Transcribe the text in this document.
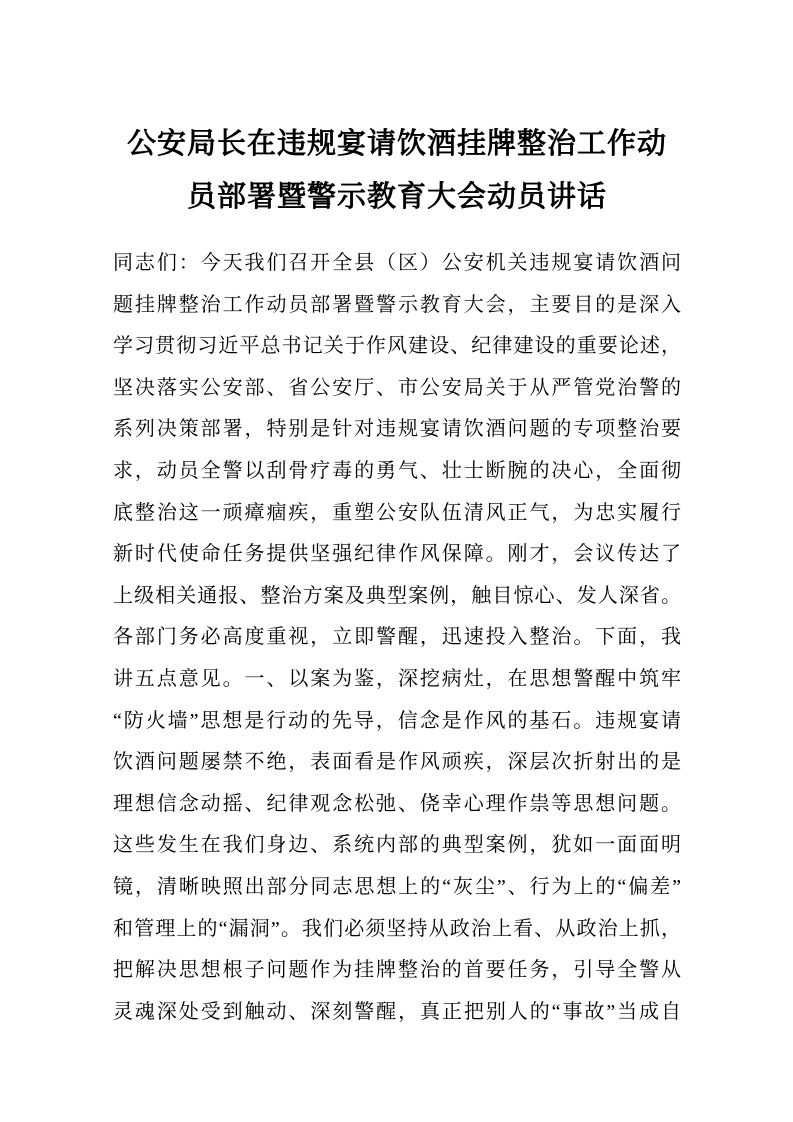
公安局长在违规宴请饮酒挂牌整治工作动
员部署暨警示教育大会动员讲话
同志们：今天我们召开全县（区）公安机关违规宴请饮酒问
题挂牌整治工作动员部署暨警示教育大会，主要目的是深入
学习贯彻习近平总书记关于作风建设、纪律建设的重要论述，
坚决落实公安部、省公安厅、市公安局关于从严管党治警的
系列决策部署，特别是针对违规宴请饮酒问题的专项整治要
求，动员全警以刮骨疗毒的勇气、壮士断腕的决心，全面彻
底整治这一顽瘴痼疾，重塑公安队伍清风正气，为忠实履行
新时代使命任务提供坚强纪律作风保障。刚才，会议传达了
上级相关通报、整治方案及典型案例，触目惊心、发人深省。
各部门务必高度重视，立即警醒，迅速投入整治。下面，我
讲五点意见。一、以案为鉴，深挖病灶，在思想警醒中筑牢
“防火墙”思想是行动的先导，信念是作风的基石。违规宴请
饮酒问题屡禁不绝，表面看是作风顽疾，深层次折射出的是
理想信念动摇、纪律观念松弛、侥幸心理作祟等思想问题。
这些发生在我们身边、系统内部的典型案例，犹如一面面明
镜，清晰映照出部分同志思想上的“灰尘”、行为上的“偏差”
和管理上的“漏洞”。我们必须坚持从政治上看、从政治上抓，
把解决思想根子问题作为挂牌整治的首要任务，引导全警从
灵魂深处受到触动、深刻警醒，真正把别人的“事故”当成自
